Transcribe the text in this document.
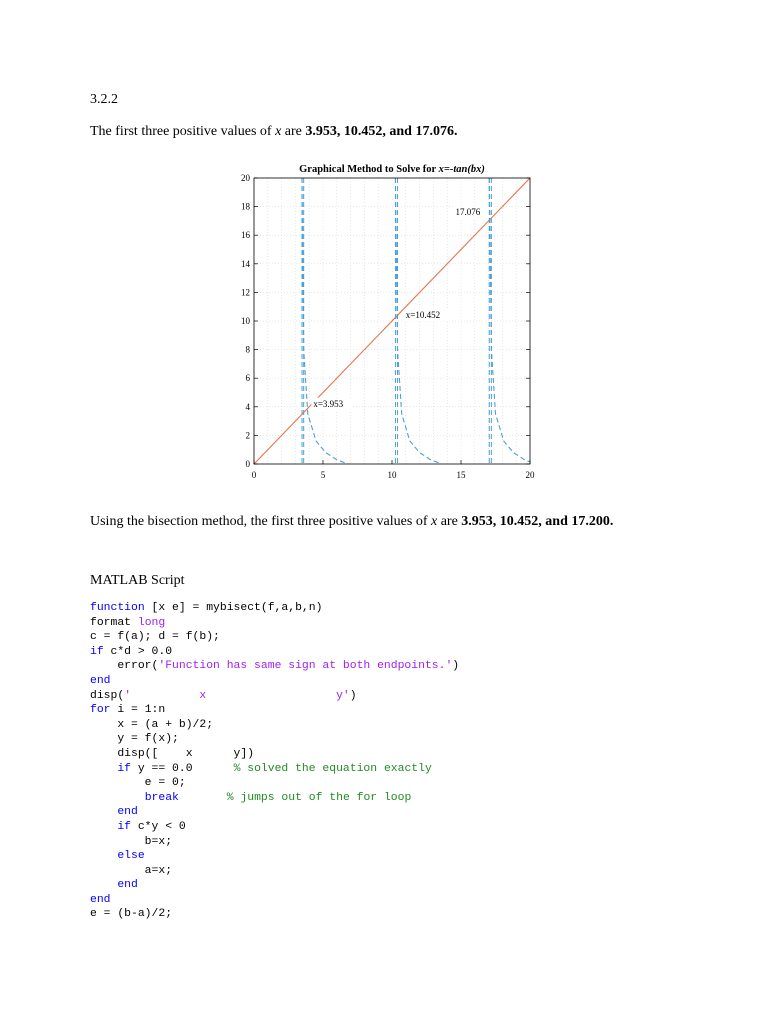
3.2.2
The first three positive values of x are 3.953, 10.452, and 17.076.
0	5	10	15	20
0
2
4
6
8
10
12
14
16
18
20
Graphical Method to Solve for x=-tan(bx)
x=3.953
x=10.452
17.076
Using the bisection method, the first three positive values of x are 3.953, 10.452, and 17.200.
MATLAB Script
function [x e] = mybisect(f,a,b,n)
format long
c = f(a); d = f(b);
if c*d > 0.0
error('Function has same sign at both endpoints.')
end
disp('          x                   y')
for i = 1:n
x = (a + b)/2;
y = f(x);
disp([    x      y])
if y == 0.0      % solved the equation exactly
e = 0;
break	% jumps out of the for loop
end
if c*y < 0
b=x;
else
a=x;
end
end
e = (b-a)/2;
